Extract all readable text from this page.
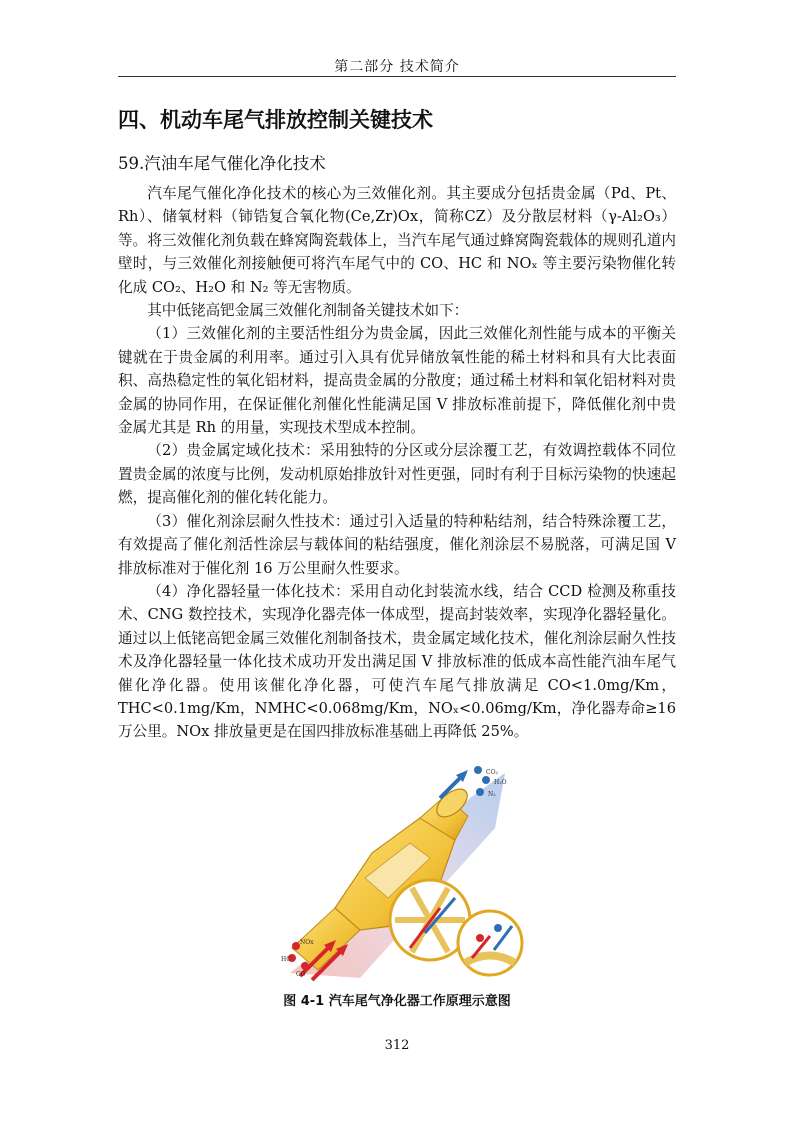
第二部分 技术简介
四、机动车尾气排放控制关键技术
59.汽油车尾气催化净化技术

汽车尾气催化净化技术的核心为三效催化剂。其主要成分包括贵金属（Pd、Pt、Rh）、储氧材料（铈锆复合氧化物(Ce,Zr)Ox，简称CZ）及分散层材料（γ-Al₂O₃）等。将三效催化剂负载在蜂窝陶瓷载体上，当汽车尾气通过蜂窝陶瓷载体的规则孔道内壁时，与三效催化剂接触便可将汽车尾气中的 CO、HC 和 NOₓ 等主要污染物催化转化成 CO₂、H₂O 和 N₂ 等无害物质。

其中低铑高钯金属三效催化剂制备关键技术如下：

（1）三效催化剂的主要活性组分为贵金属，因此三效催化剂性能与成本的平衡关键就在于贵金属的利用率。通过引入具有优异储放氧性能的稀土材料和具有大比表面积、高热稳定性的氧化铝材料，提高贵金属的分散度；通过稀土材料和氧化铝材料对贵金属的协同作用，在保证催化剂催化性能满足国 V 排放标准前提下，降低催化剂中贵金属尤其是 Rh 的用量，实现技术型成本控制。

（2）贵金属定域化技术：采用独特的分区或分层涂覆工艺，有效调控载体不同位置贵金属的浓度与比例，发动机原始排放针对性更强，同时有利于目标污染物的快速起燃，提高催化剂的催化转化能力。

（3）催化剂涂层耐久性技术：通过引入适量的特种粘结剂，结合特殊涂覆工艺，有效提高了催化剂活性涂层与载体间的粘结强度，催化剂涂层不易脱落，可满足国 V 排放标准对于催化剂 16 万公里耐久性要求。

（4）净化器轻量一体化技术：采用自动化封装流水线，结合 CCD 检测及称重技术、CNG 数控技术，实现净化器壳体一体成型，提高封装效率，实现净化器轻量化。通过以上低铑高钯金属三效催化剂制备技术，贵金属定域化技术，催化剂涂层耐久性技术及净化器轻量一体化技术成功开发出满足国 V 排放标准的低成本高性能汽油车尾气催化净化器。使用该催化净化器，可使汽车尾气排放满足 CO<1.0mg/Km，THC<0.1mg/Km，NMHC<0.068mg/Km，NOₓ<0.06mg/Km，净化器寿命≥16 万公里。NOx 排放量更是在国四排放标准基础上再降低 25%。

CO₂
H₂O
N₂
NOx
HC
CO
图 4-1 汽车尾气净化器工作原理示意图
312
